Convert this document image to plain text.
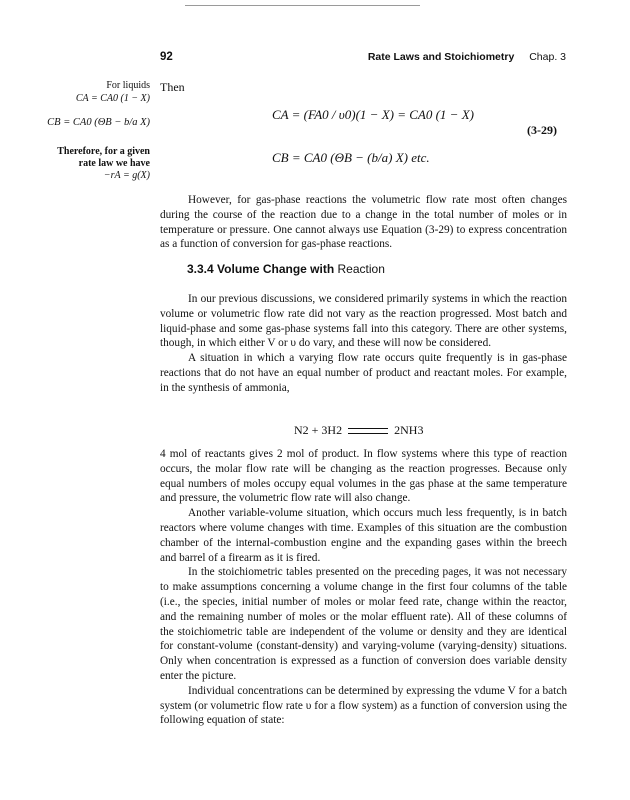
92	Rate Laws and Stoichiometry Chap. 3
For liquids
CA = CA0 (1 − X)
CB = CA0 (ΘB − b/a X)
Therefore, for a given
rate law we have
−rA = g(X)
Then
CA = (FA0 / υ0)(1 − X) = CA0 (1 − X)
CB = CA0 (ΘB − (b/a) X) etc.
(3-29)

However, for gas-phase reactions the volumetric flow rate most often changes during the course of the reaction due to a change in the total number of moles or in temperature or pressure. One cannot always use Equation (3-29) to express concentration as a function of conversion for gas-phase reactions.

3.3.4 Volume Change with Reaction

In our previous discussions, we considered primarily systems in which the reaction volume or volumetric flow rate did not vary as the reaction progressed. Most batch and liquid-phase and some gas-phase systems fall into this category. There are other systems, though, in which either V or υ do vary, and these will now be considered.

A situation in which a varying flow rate occurs quite frequently is in gas-phase reactions that do not have an equal number of product and reactant moles. For example, in the synthesis of ammonia,

N2 + 3H2	2NH3

4 mol of reactants gives 2 mol of product. In flow systems where this type of reaction occurs, the molar flow rate will be changing as the reaction progresses. Because only equal numbers of moles occupy equal volumes in the gas phase at the same temperature and pressure, the volumetric flow rate will also change.

Another variable-volume situation, which occurs much less frequently, is in batch reactors where volume changes with time. Examples of this situation are the combustion chamber of the internal-combustion engine and the expanding gases within the breech and barrel of a firearm as it is fired.

In the stoichiometric tables presented on the preceding pages, it was not necessary to make assumptions concerning a volume change in the first four columns of the table (i.e., the species, initial number of moles or molar feed rate, change within the reactor, and the remaining number of moles or the molar effluent rate). All of these columns of the stoichiometric table are independent of the volume or density and they are identical for constant-volume (constant-density) and varying-volume (varying-density) situations. Only when concentration is expressed as a function of conversion does variable density enter the picture.

Individual concentrations can be determined by expressing the vdume V for a batch system (or volumetric flow rate υ for a flow system) as a function of conversion using the following equation of state:
